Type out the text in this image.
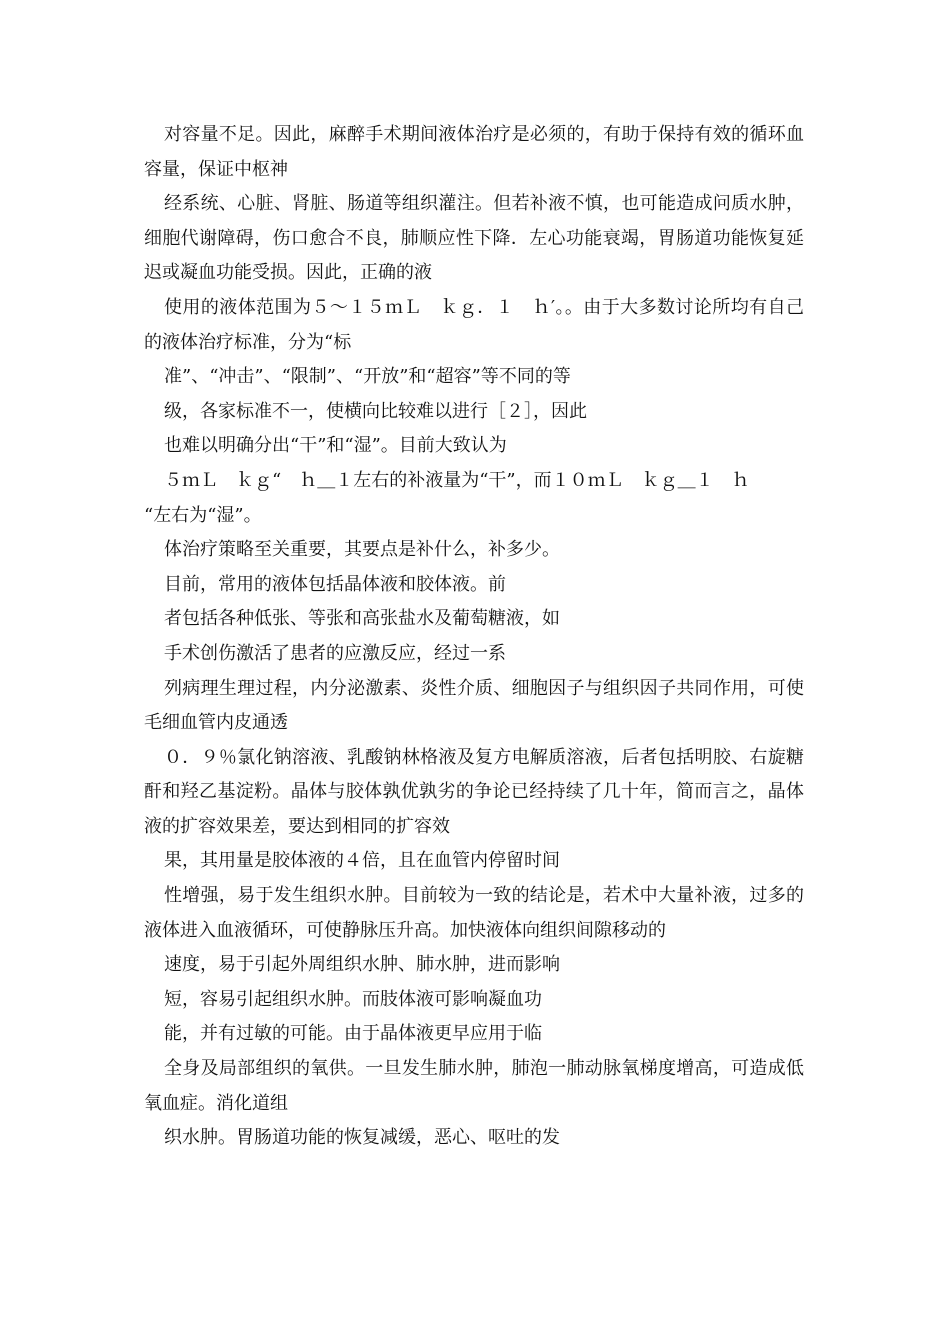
对容量不足。因此，麻醉手术期间液体治疗是必须的，有助于保持有效的循环血容量，保证中枢神

经系统、心脏、肾脏、肠道等组织灌注。但若补液不慎，也可能造成问质水肿，细胞代谢障碍，伤口愈合不良，肺顺应性下降．左心功能衰竭，胃肠道功能恢复延迟或凝血功能受损。因此，正确的液

使用的液体范围为５～１５ｍＬ　ｋｇ．１　ｈ′。。由于大多数讨论所均有自己的液体治疗标准，分为“标

准”、“冲击”、“限制”、“开放”和“超容”等不同的等

级，各家标准不一，使横向比较难以进行［２］，因此

也难以明确分出“干”和“湿”。目前大致认为

５ｍＬ　ｋｇ“　ｈ＿１左右的补液量为“干”，而１０ｍＬ　ｋｇ＿１　ｈ

“左右为“湿”。

体治疗策略至关重要，其要点是补什么，补多少。

目前，常用的液体包括晶体液和胶体液。前

者包括各种低张、等张和高张盐水及葡萄糖液，如

手术创伤激活了患者的应激反应，经过一系

列病理生理过程，内分泌激素、炎性介质、细胞因子与组织因子共同作用，可使毛细血管内皮通透

０．９％氯化钠溶液、乳酸钠林格液及复方电解质溶液，后者包括明胶、右旋糖酐和羟乙基淀粉。晶体与胶体孰优孰劣的争论已经持续了几十年，简而言之，晶体液的扩容效果差，要达到相同的扩容效

果，其用量是胶体液的４倍，且在血管内停留时间

性增强，易于发生组织水肿。目前较为一致的结论是，若术中大量补液，过多的液体进入血液循环，可使静脉压升高。加快液体向组织间隙移动的

速度，易于引起外周组织水肿、肺水肿，进而影响

短，容易引起组织水肿。而肢体液可影响凝血功

能，并有过敏的可能。由于晶体液更早应用于临

全身及局部组织的氧供。一旦发生肺水肿，肺泡一肺动脉氧梯度增高，可造成低氧血症。消化道组

织水肿。胃肠道功能的恢复减缓，恶心、呕吐的发
